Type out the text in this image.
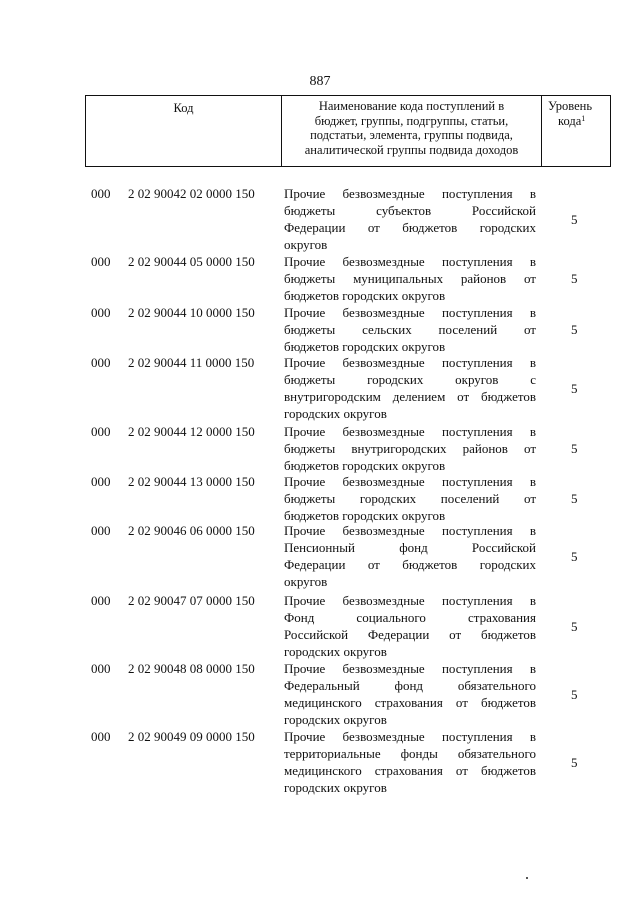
887
Код	Наименование кода поступлений в
бюджет, группы, подгруппы, статьи,
подстатьи, элемента, группы подвида,
аналитической группы подвида доходов
Уровень
кода$^1$
000 2 02 90042 02 0000 150 Прочие безвозмездные поступления в
бюджеты субъектов Российской
Федерации от бюджетов городских
округов
5
000 2 02 90044 05 0000 150 Прочие безвозмездные поступления в
бюджеты муниципальных районов от
бюджетов городских округов
5
000 2 02 90044 10 0000 150 Прочие безвозмездные поступления в
бюджеты сельских поселений от
бюджетов городских округов
5
000 2 02 90044 11 0000 150 Прочие безвозмездные поступления в
бюджеты городских округов с
внутригородским делением от бюджетов
городских округов
5
000 2 02 90044 12 0000 150 Прочие безвозмездные поступления в
бюджеты внутригородских районов от
бюджетов городских округов
5
000 2 02 90044 13 0000 150 Прочие безвозмездные поступления в
бюджеты городских поселений от
бюджетов городских округов
5
000 2 02 90046 06 0000 150 Прочие безвозмездные поступления в
Пенсионный фонд Российской
Федерации от бюджетов городских
округов
5
000 2 02 90047 07 0000 150 Прочие безвозмездные поступления в
Фонд социального страхования
Российской Федерации от бюджетов
городских округов
5
000 2 02 90048 08 0000 150 Прочие безвозмездные поступления в
Федеральный фонд обязательного
медицинского страхования от бюджетов
городских округов
5
000 2 02 90049 09 0000 150 Прочие безвозмездные поступления в
территориальные фонды обязательного
медицинского страхования от бюджетов
городских округов
5
